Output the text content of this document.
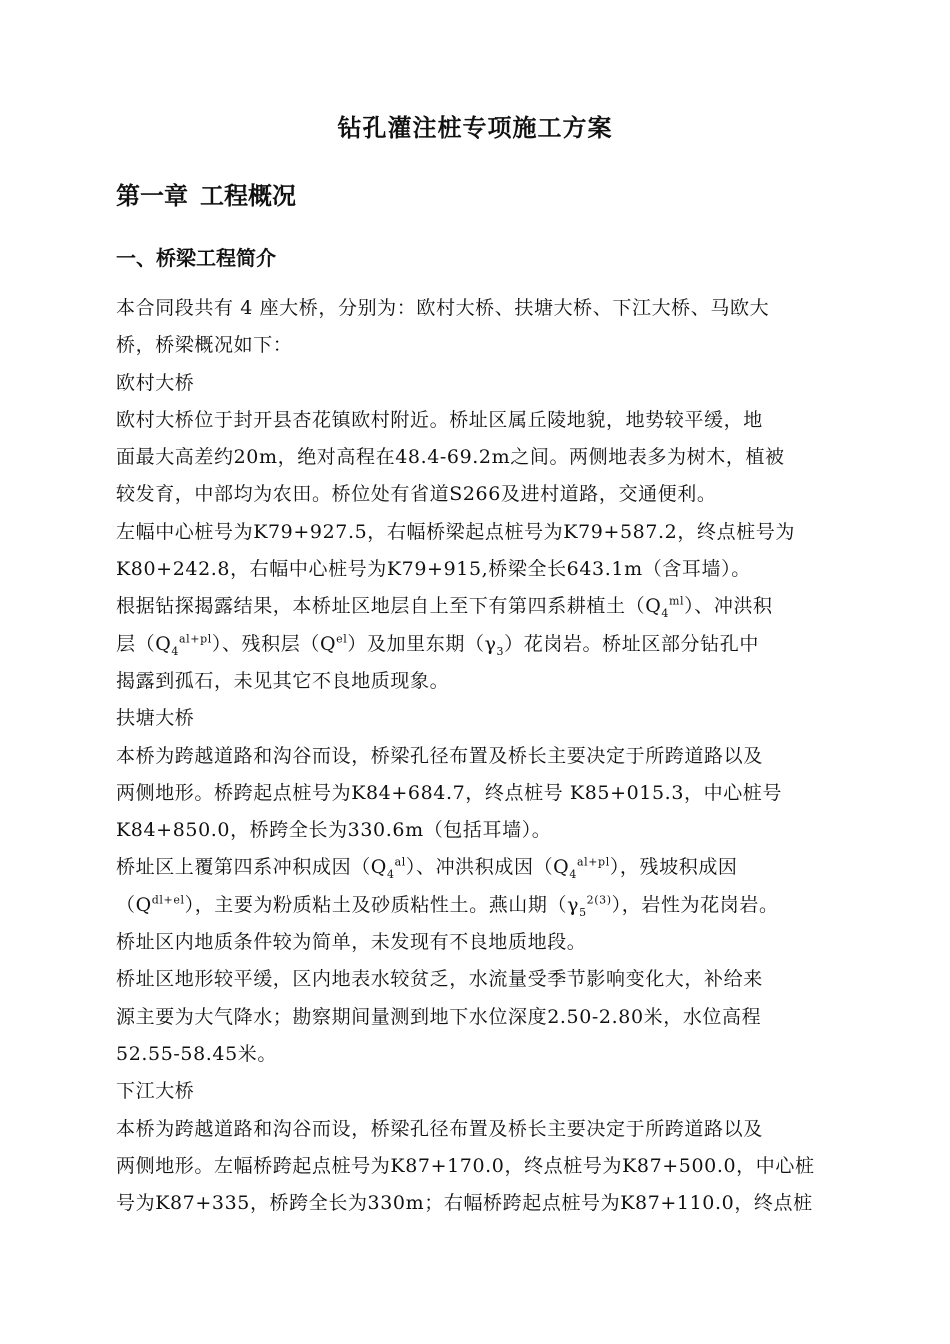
钻孔灌注桩专项施工方案
第一章 工程概况
一、桥梁工程简介

本合同段共有 4 座大桥，分别为：欧村大桥、扶塘大桥、下江大桥、马欧大

桥，桥梁概况如下：

欧村大桥

欧村大桥位于封开县杏花镇欧村附近。桥址区属丘陵地貌，地势较平缓，地

面最大高差约20m，绝对高程在48.4-69.2m之间。两侧地表多为树木，植被

较发育，中部均为农田。桥位处有省道S266及进村道路，交通便利。

左幅中心桩号为K79+927.5，右幅桥梁起点桩号为K79+587.2，终点桩号为

K80+242.8，右幅中心桩号为K79+915,桥梁全长643.1m（含耳墙）。

根据钻探揭露结果，本桥址区地层自上至下有第四系耕植土$(Q_4^{ml})$、冲洪积

层$(Q_4^{al+pl})$、残积层$(Q^{el})$及加里东期$(\gamma_3)$花岗岩。桥址区部分钻孔中

揭露到孤石，未见其它不良地质现象。

扶塘大桥

本桥为跨越道路和沟谷而设，桥梁孔径布置及桥长主要决定于所跨道路以及

两侧地形。桥跨起点桩号为K84+684.7，终点桩号 K85+015.3，中心桩号

K84+850.0，桥跨全长为330.6m（包括耳墙）。

桥址区上覆第四系冲积成因$(Q_4^{al})$、冲洪积成因$(Q_4^{al+pl})$，残坡积成因

$(Q^{dl+el})$，主要为粉质粘土及砂质粘性土。燕山期$(\gamma_5^{2(3)})$，岩性为花岗岩。

桥址区内地质条件较为简单，未发现有不良地质地段。

桥址区地形较平缓，区内地表水较贫乏，水流量受季节影响变化大，补给来

源主要为大气降水；勘察期间量测到地下水位深度2.50-2.80米，水位高程

52.55-58.45米。

下江大桥

本桥为跨越道路和沟谷而设，桥梁孔径布置及桥长主要决定于所跨道路以及

两侧地形。左幅桥跨起点桩号为K87+170.0，终点桩号为K87+500.0，中心桩

号为K87+335，桥跨全长为330m；右幅桥跨起点桩号为K87+110.0，终点桩
